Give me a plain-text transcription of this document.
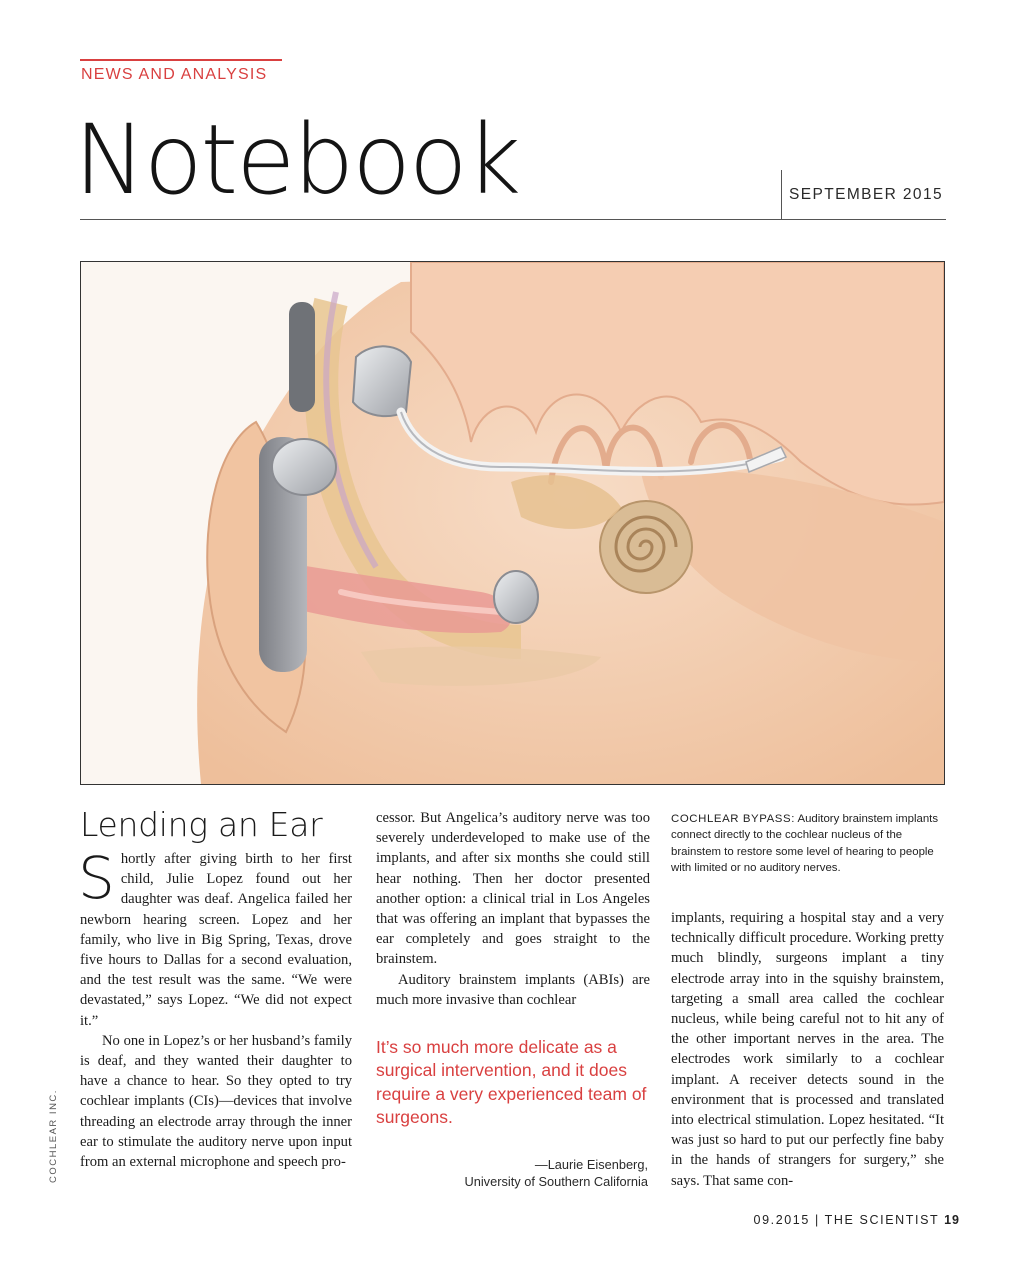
NEWS AND ANALYSIS
Notebook	SEPTEMBER 2015
COCHLEAR INC.
Lending an Ear

Shortly after giving birth to her first child, Julie Lopez found out her daughter was deaf. Angelica failed her newborn hearing screen. Lopez and her family, who live in Big Spring, Texas, drove five hours to Dallas for a second evaluation, and the test result was the same. “We were devastated,” says Lopez. “We did not expect it.”

No one in Lopez’s or her husband’s family is deaf, and they wanted their daughter to have a chance to hear. So they opted to try cochlear implants (CIs)—devices that involve threading an electrode array through the inner ear to stimulate the auditory nerve upon input from an external microphone and speech pro-

cessor. But Angelica’s auditory nerve was too severely underdeveloped to make use of the implants, and after six months she could still hear nothing. Then her doctor presented another option: a clinical trial in Los Angeles that was offering an implant that bypasses the ear completely and goes straight to the brainstem.

Auditory brainstem implants (ABIs) are much more invasive than cochlear

It’s so much more delicate as a surgical intervention, and it does require a very experienced team of surgeons.
—Laurie Eisenberg,
University of Southern California
COCHLEAR BYPASS: Auditory brainstem implants connect directly to the cochlear nucleus of the brainstem to restore some level of hearing to people with limited or no auditory nerves.

implants, requiring a hospital stay and a very technically difficult procedure. Working pretty much blindly, surgeons implant a tiny electrode array into in the squishy brainstem, targeting a small area called the cochlear nucleus, while being careful not to hit any of the other important nerves in the area. The electrodes work similarly to a cochlear implant. A receiver detects sound in the environment that is processed and translated into electrical stimulation. Lopez hesitated. “It was just so hard to put our perfectly fine baby in the hands of strangers for surgery,” she says. That same con-

09.2015 | THE SCIENTIST 19
